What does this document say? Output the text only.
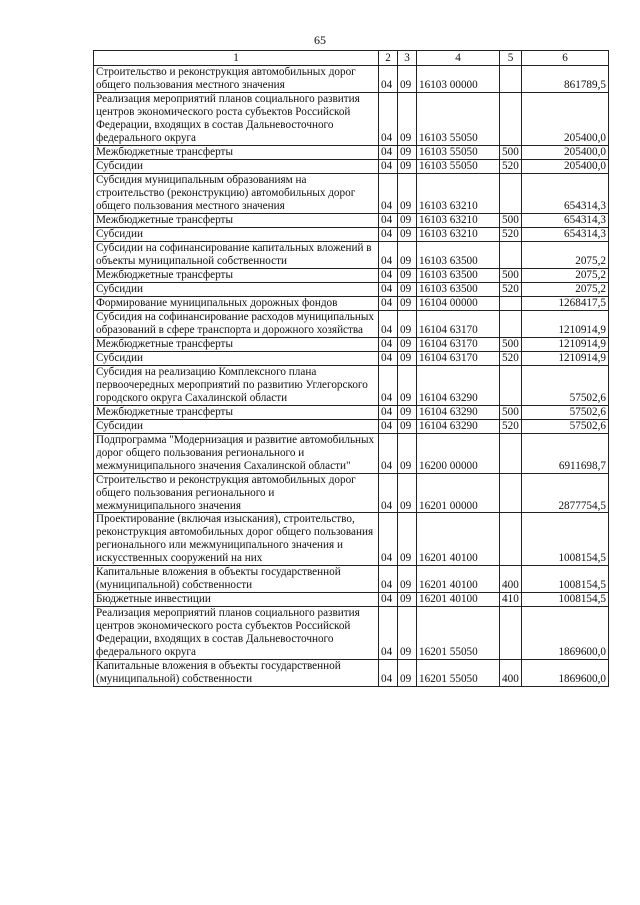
65
1	2	3	4	5	6
Строительство и реконструкция автомобильных дорог общего пользования местного значения	04	09	16103 00000		861789,5
Реализация мероприятий планов социального развития центров экономического роста субъектов Российской Федерации, входящих в состав Дальневосточного федерального округа	04	09	16103 55050		205400,0
Межбюджетные трансферты	04	09	16103 55050	500	205400,0
Субсидии	04	09	16103 55050	520	205400,0
Субсидия муниципальным образованиям на строительство (реконструкцию) автомобильных дорог общего пользования местного значения	04	09	16103 63210		654314,3
Межбюджетные трансферты	04	09	16103 63210	500	654314,3
Субсидии	04	09	16103 63210	520	654314,3
Субсидии на софинансирование капитальных вложений в объекты муниципальной собственности	04	09	16103 63500		2075,2
Межбюджетные трансферты	04	09	16103 63500	500	2075,2
Субсидии	04	09	16103 63500	520	2075,2
Формирование муниципальных дорожных фондов	04	09	16104 00000		1268417,5
Субсидия на софинансирование расходов муниципальных образований в сфере транспорта и дорожного хозяйства	04	09	16104 63170		1210914,9
Межбюджетные трансферты	04	09	16104 63170	500	1210914,9
Субсидии	04	09	16104 63170	520	1210914,9
Субсидия на реализацию Комплексного плана первоочередных мероприятий по развитию Углегорского городского округа Сахалинской области	04	09	16104 63290		57502,6
Межбюджетные трансферты	04	09	16104 63290	500	57502,6
Субсидии	04	09	16104 63290	520	57502,6
Подпрограмма "Модернизация и развитие автомобильных дорог общего пользования регионального и межмуниципального значения Сахалинской области"	04	09	16200 00000		6911698,7
Строительство и реконструкция автомобильных дорог общего пользования регионального и межмуниципального значения	04	09	16201 00000		2877754,5
Проектирование (включая изыскания), строительство, реконструкция автомобильных дорог общего пользования регионального или межмуниципального значения и искусственных сооружений на них	04	09	16201 40100		1008154,5
Капитальные вложения в объекты государственной (муниципальной) собственности	04	09	16201 40100	400	1008154,5
Бюджетные инвестиции	04	09	16201 40100	410	1008154,5
Реализация мероприятий планов социального развития центров экономического роста субъектов Российской Федерации, входящих в состав Дальневосточного федерального округа	04	09	16201 55050		1869600,0
Капитальные вложения в объекты государственной (муниципальной) собственности	04	09	16201 55050	400	1869600,0
